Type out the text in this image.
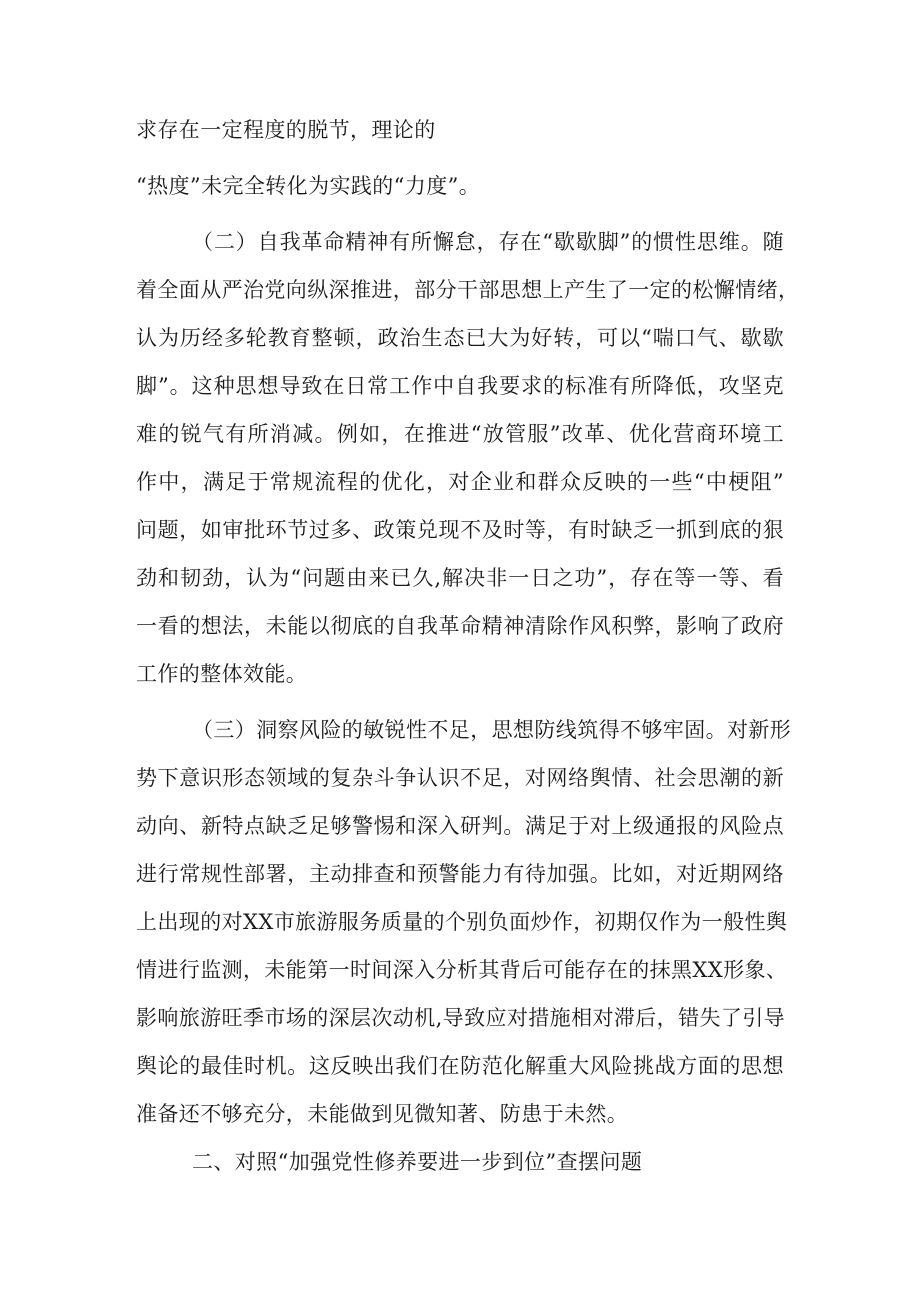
求存在一定程度的脱节，理论的
“热度”未完全转化为实践的“力度”。
（二）自我革命精神有所懈怠，存在“歇歇脚”的惯性思维。随
着全面从严治党向纵深推进，部分干部思想上产生了一定的松懈情绪，
认为历经多轮教育整顿，政治生态已大为好转，可以“喘口气、歇歇
脚”。这种思想导致在日常工作中自我要求的标准有所降低，攻坚克
难的锐气有所消减。例如，在推进“放管服”改革、优化营商环境工
作中，满足于常规流程的优化，对企业和群众反映的一些“中梗阻”
问题，如审批环节过多、政策兑现不及时等，有时缺乏一抓到底的狠
劲和韧劲，认为“问题由来已久,解决非一日之功”，存在等一等、看
一看的想法，未能以彻底的自我革命精神清除作风积弊，影响了政府
工作的整体效能。
（三）洞察风险的敏锐性不足，思想防线筑得不够牢固。对新形
势下意识形态领域的复杂斗争认识不足，对网络舆情、社会思潮的新
动向、新特点缺乏足够警惕和深入研判。满足于对上级通报的风险点
进行常规性部署，主动排查和预警能力有待加强。比如，对近期网络
上出现的对XX市旅游服务质量的个别负面炒作，初期仅作为一般性舆
情进行监测，未能第一时间深入分析其背后可能存在的抹黑XX形象、
影响旅游旺季市场的深层次动机,导致应对措施相对滞后，错失了引导
舆论的最佳时机。这反映出我们在防范化解重大风险挑战方面的思想
准备还不够充分，未能做到见微知著、防患于未然。
二、对照“加强党性修养要进一步到位”查摆问题
